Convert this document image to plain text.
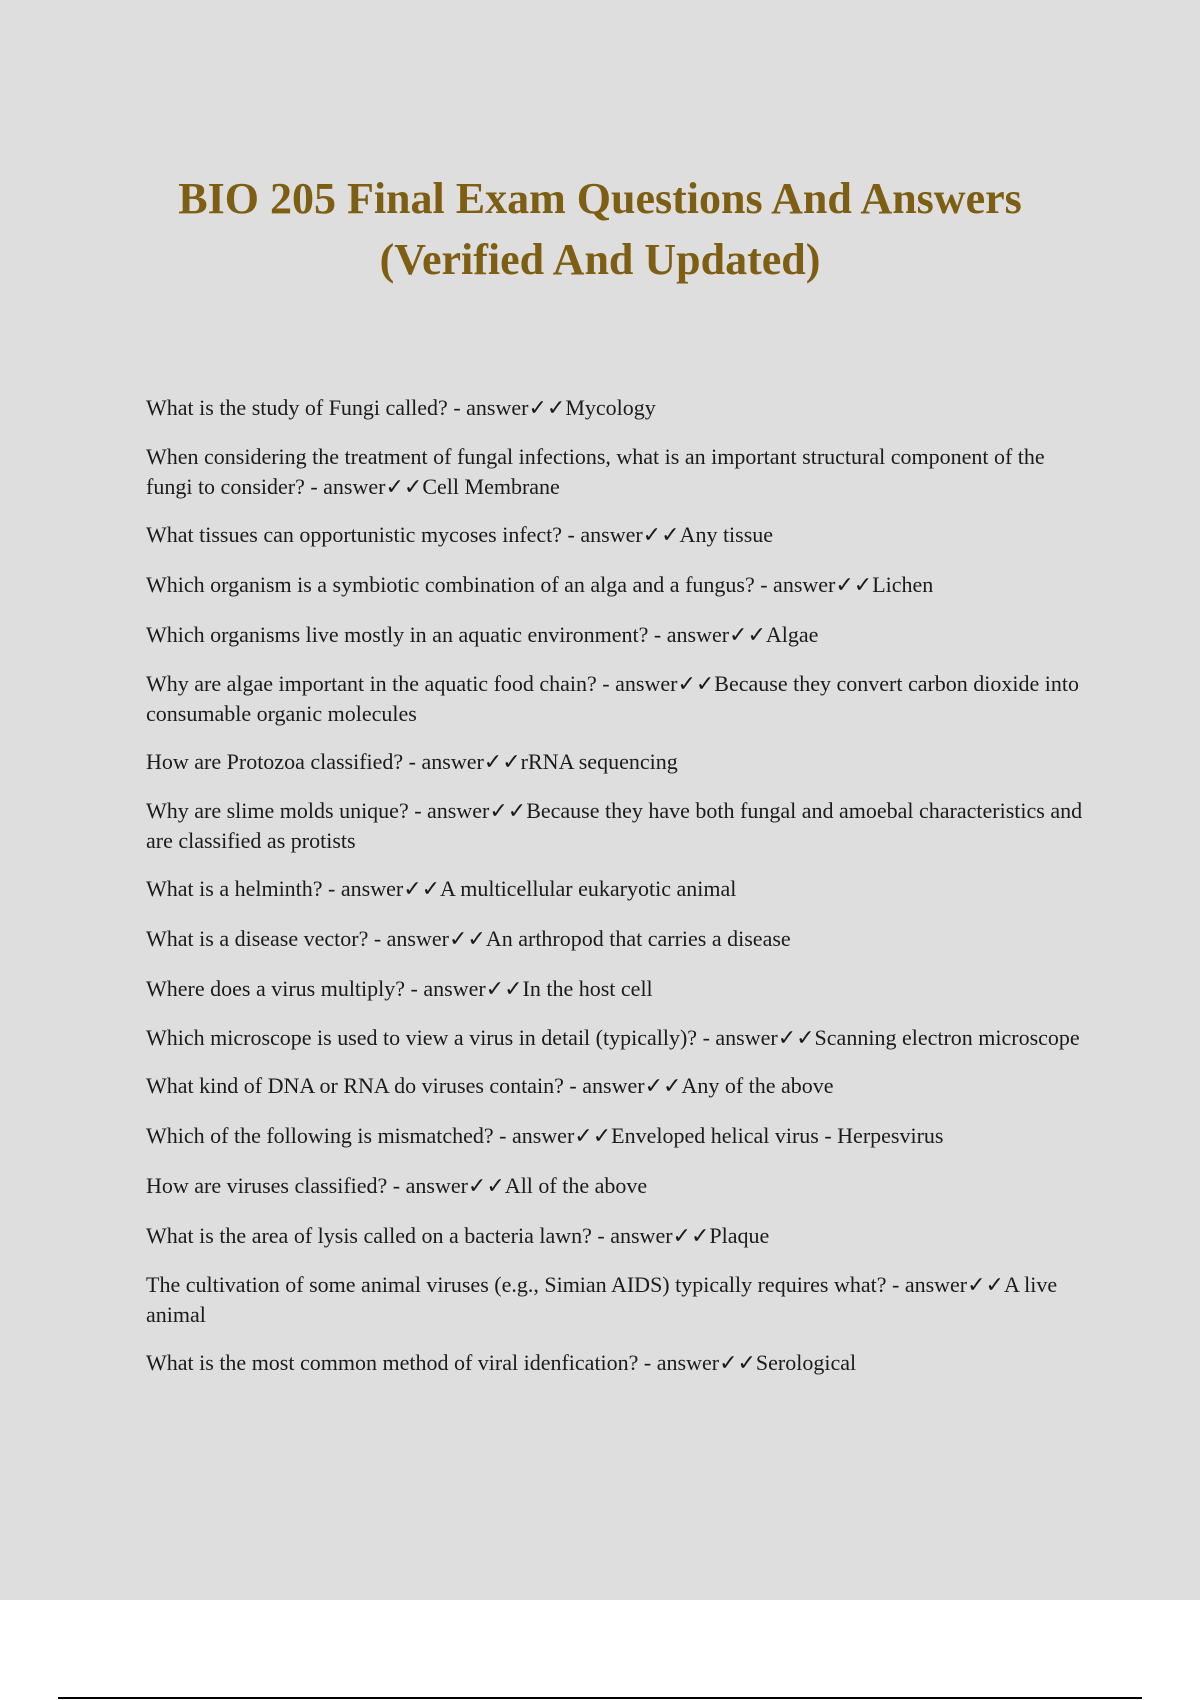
BIO 205 Final Exam Questions And Answers
(Verified And Updated)
What is the study of Fungi called? - answer✓✓Mycology
When considering the treatment of fungal infections, what is an important structural component of the fungi to consider? - answer✓✓Cell Membrane
What tissues can opportunistic mycoses infect? - answer✓✓Any tissue
Which organism is a symbiotic combination of an alga and a fungus? - answer✓✓Lichen
Which organisms live mostly in an aquatic environment? - answer✓✓Algae
Why are algae important in the aquatic food chain? - answer✓✓Because they convert carbon dioxide into consumable organic molecules
How are Protozoa classified? - answer✓✓rRNA sequencing
Why are slime molds unique? - answer✓✓Because they have both fungal and amoebal characteristics and are classified as protists
What is a helminth? - answer✓✓A multicellular eukaryotic animal
What is a disease vector? - answer✓✓An arthropod that carries a disease
Where does a virus multiply? - answer✓✓In the host cell
Which microscope is used to view a virus in detail (typically)? - answer✓✓Scanning electron microscope
What kind of DNA or RNA do viruses contain? - answer✓✓Any of the above
Which of the following is mismatched? - answer✓✓Enveloped helical virus - Herpesvirus
How are viruses classified? - answer✓✓All of the above
What is the area of lysis called on a bacteria lawn? - answer✓✓Plaque
The cultivation of some animal viruses (e.g., Simian AIDS) typically requires what? - answer✓✓A live animal
What is the most common method of viral idenfication? - answer✓✓Serological
